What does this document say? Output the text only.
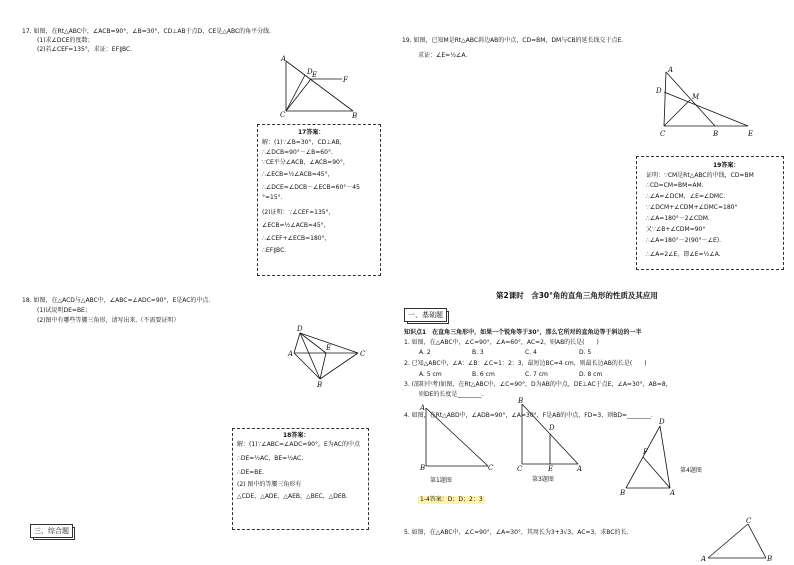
17. 如图，在Rt△ABC中，∠ACB=90°，∠B=30°，CD⊥AB于点D，CE是△ABC的角平分线.
(1)求∠DCE的度数；
(2)若∠CEF=135°，求证：EF∥BC.
A
D E
F
C	B
17答案：
解：(1)∵∠B=30°，CD⊥AB，
∴∠DCB=90°－∠B=60°.
∵CE平分∠ACB，∠ACB=90°，
∴∠ECB=½∠ACB=45°，
∴∠DCE=∠DCB－∠ECB=60°－45
°=15°.
(2)证明：∵∠CEF=135°，
∠ECB=½∠ACB=45°，
∴∠CEF+∠ECB=180°，
∴EF∥BC.
18. 如图，在△ACD与△ABC中，∠ABC=∠ADC=90°，E是AC的中点.
(1)试说明DE=BE；
(2)图中有哪些等腰三角形，请写出来.（不需要证明）
D
A
E
C
B
18答案：
解：(1)∵∠ABC=∠ADC=90°，E为AC的中点
∴DE=½AC，BE=½AC.
∴DE=BE.
(2) 图中的等腰三角形有
△CDE，△ADE，△AEB，△BEC，△DEB.
三、综合题
19. 如图，已知M是Rt△ABC斜边AB的中点，CD=BM，DM与CB的延长线交于点E.
求证：∠E=½∠A.
A
D
M
C	B	E
19答案：
证明：∵CM是Rt△ABC的中线，CD=BM
∴CD=CM=BM=AM.
∴∠A=∠DCM，∠E=∠DMC.
∵∠DCM+∠CDM+∠DMC=180°
∴∠A=180°－2∠CDM.
又∵∠B+∠CDM=90°
∴∠A=180°－2(90°－∠E).
∴∠A=2∠E，即∠E=½∠A.
第2课时　含30°角的直角三角形的性质及其应用
一、基础题
知识点1　在直角三角形中，如果一个锐角等于30°，那么它所对的直角边等于斜边的一半
1. 如图，在△ABC中，∠C=90°，∠A=60°，AC=2，则AB的长是(　　)
A. 2	B. 3	C. 4	D. 5
2. 已知△ABC中，∠A：∠B：∠C=1：2：3，最短边BC=4 cm，则最长边AB的长是(　　)
A. 5 cm	B. 6 cm	C. 7 cm	D. 8 cm
3. (邵阳中考)如图，在Rt△ABC中，∠C=90°，D为AB的中点，DE⊥AC于点E，∠A=30°，AB=8，
则DE的长度是________.
4. 如图，在Rt△ABD中，∠ADB=90°，∠A=30°，F是AB的中点，FD=3，则BD=________.
A
B	C
第1题图
B
D
C	E	A
第3题图
D
F
B	A
第4题图
1-4答案：D；D；2；3
5. 如图，在△ABC中，∠C=90°，∠A=30°，其周长为3+3√3，AC=3，求BC的长.
C
A	B
